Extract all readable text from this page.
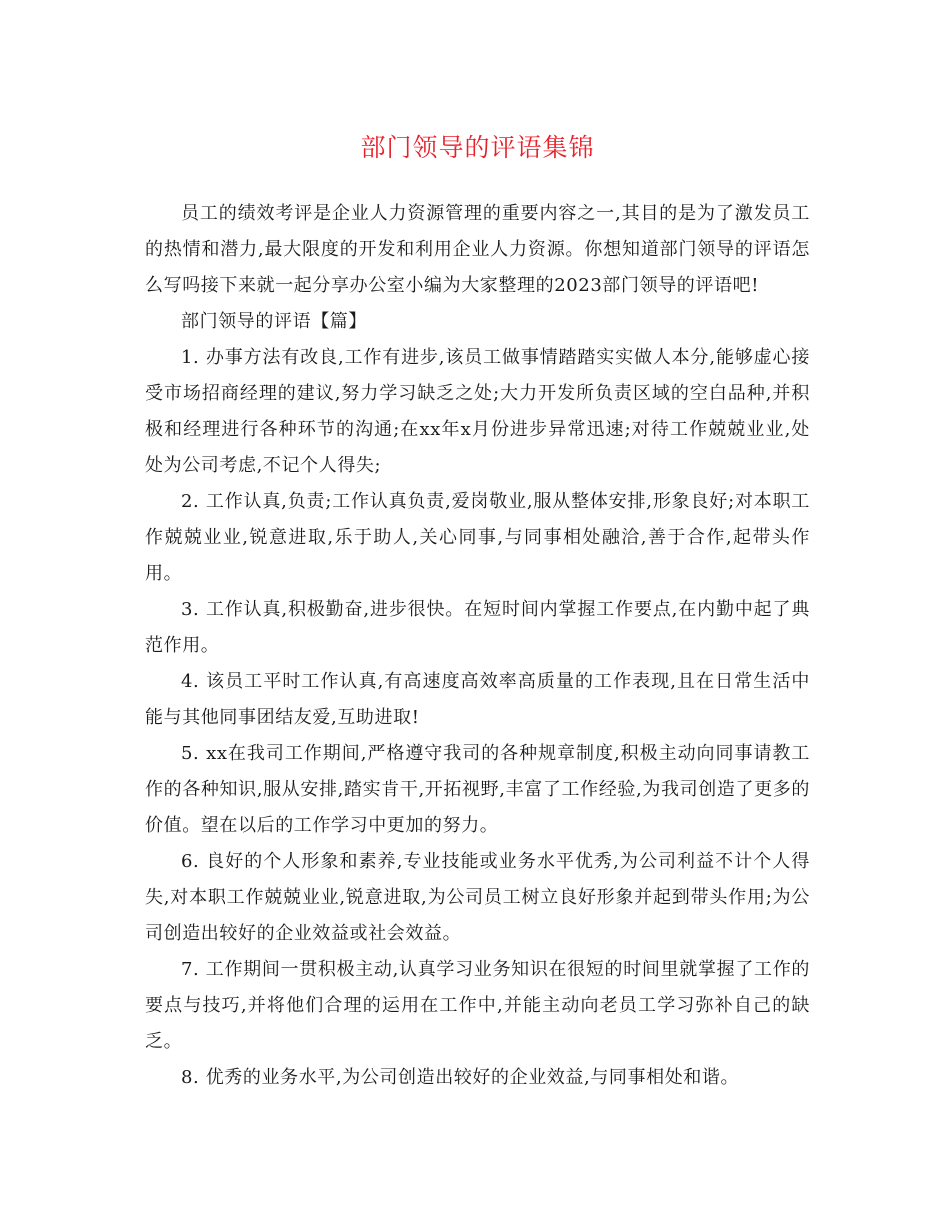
部门领导的评语集锦

员工的绩效考评是企业人力资源管理的重要内容之一,其目的是为了激发员工的热情和潜力,最大限度的开发和利用企业人力资源。你想知道部门领导的评语怎么写吗接下来就一起分享办公室小编为大家整理的2023部门领导的评语吧!

部门领导的评语【篇】

1. 办事方法有改良,工作有进步,该员工做事情踏踏实实做人本分,能够虚心接受市场招商经理的建议,努力学习缺乏之处;大力开发所负责区域的空白品种,并积极和经理进行各种环节的沟通;在xx年x月份进步异常迅速;对待工作兢兢业业,处处为公司考虑,不记个人得失;

2. 工作认真,负责;工作认真负责,爱岗敬业,服从整体安排,形象良好;对本职工作兢兢业业,锐意进取,乐于助人,关心同事,与同事相处融洽,善于合作,起带头作用。

3. 工作认真,积极勤奋,进步很快。在短时间内掌握工作要点,在内勤中起了典范作用。

4. 该员工平时工作认真,有高速度高效率高质量的工作表现,且在日常生活中能与其他同事团结友爱,互助进取!

5. xx在我司工作期间,严格遵守我司的各种规章制度,积极主动向同事请教工作的各种知识,服从安排,踏实肯干,开拓视野,丰富了工作经验,为我司创造了更多的价值。望在以后的工作学习中更加的努力。

6. 良好的个人形象和素养,专业技能或业务水平优秀,为公司利益不计个人得失,对本职工作兢兢业业,锐意进取,为公司员工树立良好形象并起到带头作用;为公司创造出较好的企业效益或社会效益。

7. 工作期间一贯积极主动,认真学习业务知识在很短的时间里就掌握了工作的要点与技巧,并将他们合理的运用在工作中,并能主动向老员工学习弥补自己的缺乏。

8. 优秀的业务水平,为公司创造出较好的企业效益,与同事相处和谐。
